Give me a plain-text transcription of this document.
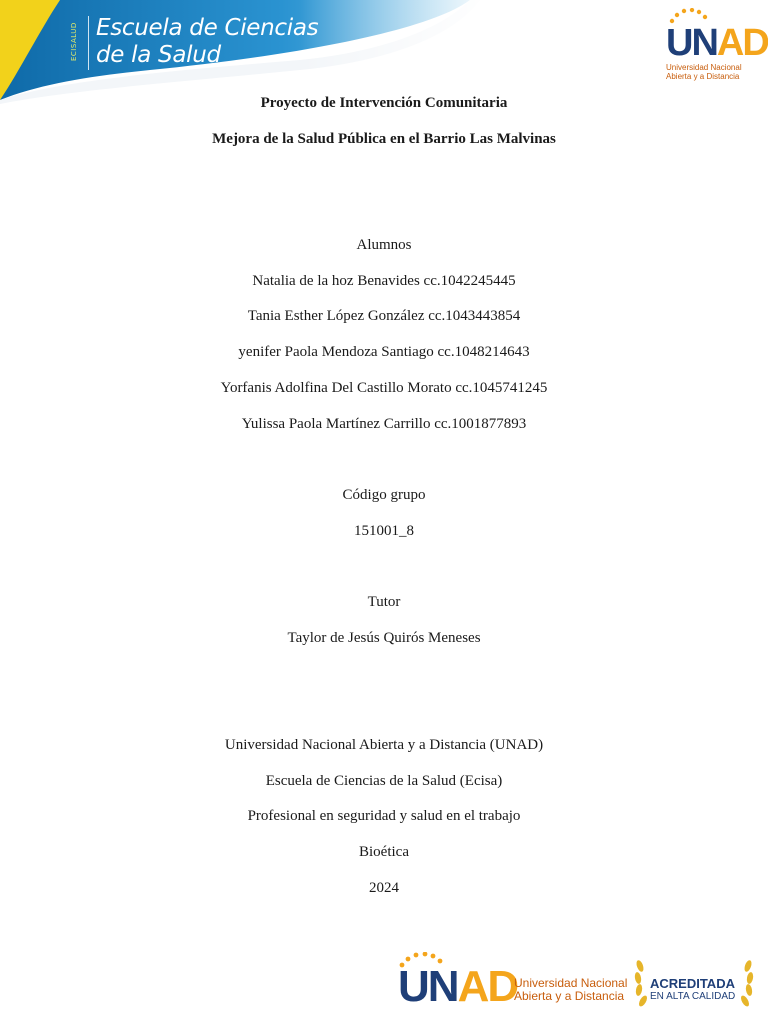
ECISALUD Escuela de Ciencias
de la Salud	UNAD
Universidad Nacional
Abierta y a Distancia
Proyecto de Intervención Comunitaria
Mejora de la Salud Pública en el Barrio Las Malvinas
Alumnos
Natalia de la hoz Benavides cc.1042245445
Tania Esther López González cc.1043443854
yenifer Paola Mendoza Santiago cc.1048214643
Yorfanis Adolfina Del Castillo Morato cc.1045741245
Yulissa Paola Martínez Carrillo cc.1001877893
Código grupo
151001_8
Tutor
Taylor de Jesús Quirós Meneses
Universidad Nacional Abierta y a Distancia (UNAD)
Escuela de Ciencias de la Salud (Ecisa)
Profesional en seguridad y salud en el trabajo
Bioética
2024
UNAD
Universidad Nacional
Abierta y a Distancia
ACREDITADA
EN ALTA CALIDAD
